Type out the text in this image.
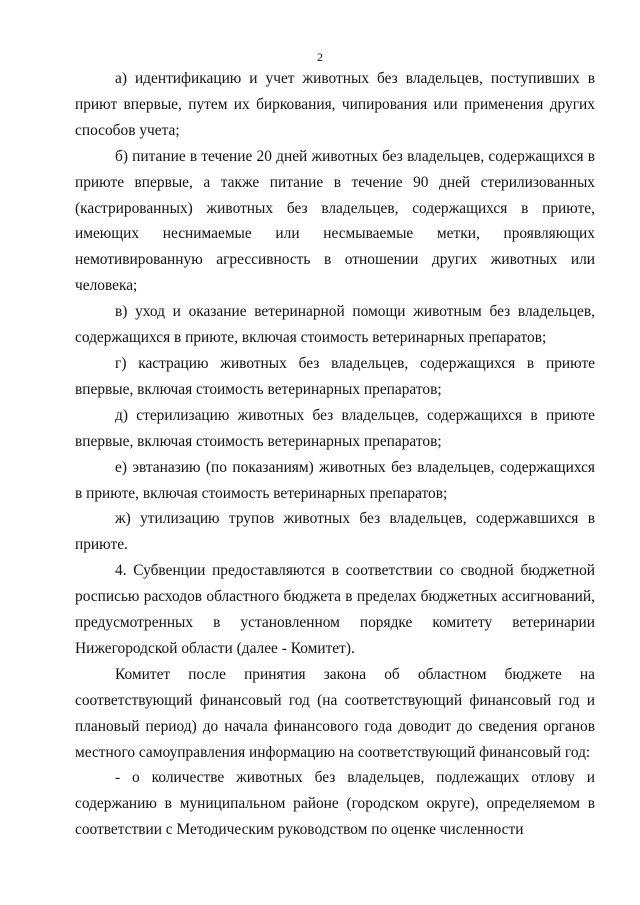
2

а) идентификацию и учет животных без владельцев, поступивших в приют впервые, путем их биркования, чипирования или применения других способов учета;

б) питание в течение 20 дней животных без владельцев, содержащихся в приюте впервые, а также питание в течение 90 дней стерилизованных (кастрированных) животных без владельцев, содержащихся в приюте, имеющих неснимаемые или несмываемые метки, проявляющих немотивированную агрессивность в отношении других животных или человека;

в) уход и оказание ветеринарной помощи животным без владельцев, содержащихся в приюте, включая стоимость ветеринарных препаратов;

г) кастрацию животных без владельцев, содержащихся в приюте впервые, включая стоимость ветеринарных препаратов;

д) стерилизацию животных без владельцев, содержащихся в приюте впервые, включая стоимость ветеринарных препаратов;

е) эвтаназию (по показаниям) животных без владельцев, содержащихся в приюте, включая стоимость ветеринарных препаратов;

ж) утилизацию трупов животных без владельцев, содержавшихся в приюте.

4. Субвенции предоставляются в соответствии со сводной бюджетной росписью расходов областного бюджета в пределах бюджетных ассигнований, предусмотренных в установленном порядке комитету ветеринарии Нижегородской области (далее - Комитет).

Комитет после принятия закона об областном бюджете на соответствующий финансовый год (на соответствующий финансовый год и плановый период) до начала финансового года доводит до сведения органов местного самоуправления информацию на соответствующий финансовый год:

- о количестве животных без владельцев, подлежащих отлову и содержанию в муниципальном районе (городском округе), определяемом в соответствии с Методическим руководством по оценке численности
